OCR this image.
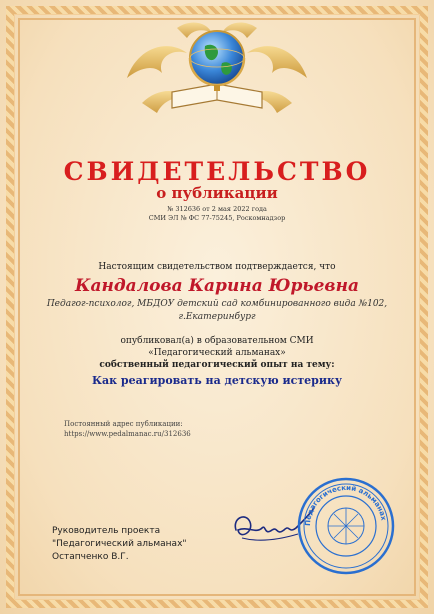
СВИДЕТЕЛЬСТВО
о публикации
№ 312636 от 2 мая 2022 года
СМИ ЭЛ № ФС 77-75245, Роскомнадзор
Настоящим свидетельством подтверждается, что
Кандалова Карина Юрьевна
Педагог-психолог, МБДОУ детский сад комбинированного вида №102,
г.Екатеринбург
опубликовал(а) в образовательном СМИ
«Педагогический альманах»
собственный педагогический опыт на тему:
Как реагировать на детскую истерику
Постоянный адрес публикации:
https://www.pedalmanac.ru/312636
Руководитель проекта
"Педагогический альманах"
Остапченко В.Г.
Педагогический альманах
